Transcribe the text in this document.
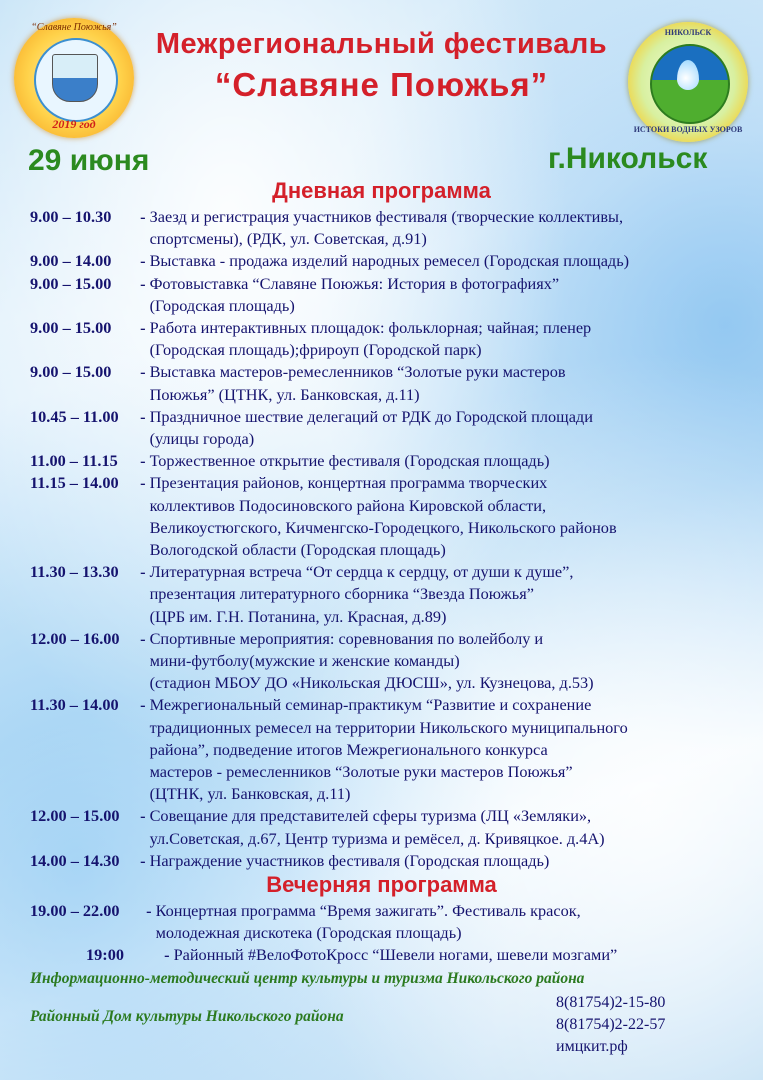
“Славяне Поюжья”
2019 год
НИКОЛЬСК
ИСТОКИ ВОДНЫХ УЗОРОВ
Межрегиональный фестиваль
“Славяне Поюжья”
29 июня	г.Никольск
Дневная программа
9.00 – 10.30	- Заезд и регистрация участников фестиваля (творческие коллективы,
спортсмены), (РДК, ул. Советская, д.91)
9.00 – 14.00	- Выставка - продажа изделий народных ремесел (Городская площадь)
9.00 – 15.00	- Фотовыставка “Славяне Поюжья: История в фотографиях”
(Городская площадь)
9.00 – 15.00	- Работа интерактивных площадок: фольклорная; чайная; пленер
(Городская площадь);фрироуп (Городской парк)
9.00 – 15.00	- Выставка мастеров-ремесленников “Золотые руки мастеров
Поюжья” (ЦТНК, ул. Банковская, д.11)
10.45 – 11.00	- Праздничное шествие делегаций от РДК до Городской площади
(улицы города)
11.00 – 11.15	- Торжественное открытие фестиваля (Городская площадь)
11.15 – 14.00	- Презентация районов, концертная программа творческих
коллективов Подосиновского района Кировской области,
Великоустюгского, Кичменгско-Городецкого, Никольского районов
Вологодской области (Городская площадь)
11.30 – 13.30	- Литературная встреча “От сердца к сердцу, от души к душе”,
презентация литературного сборника “Звезда Поюжья”
(ЦРБ им. Г.Н. Потанина, ул. Красная, д.89)
12.00 – 16.00	- Спортивные мероприятия: соревнования по волейболу и
мини-футболу(мужские и женские команды)
(стадион МБОУ ДО «Никольская ДЮСШ», ул. Кузнецова, д.53)
11.30 – 14.00	- Межрегиональный семинар-практикум “Развитие и сохранение
традиционных ремесел на территории Никольского муниципального
района”, подведение итогов Межрегионального конкурса
мастеров - ремесленников “Золотые руки мастеров Поюжья”
(ЦТНК, ул. Банковская, д.11)
12.00 – 15.00	- Совещание для представителей сферы туризма (ЛЦ «Земляки»,
ул.Советская, д.67, Центр туризма и ремёсел, д. Кривяцкое. д.4А)
14.00 – 14.30	- Награждение участников фестиваля (Городская площадь)
Вечерняя программа
19.00 – 22.00	- Концертная программа “Время зажигать”. Фестиваль красок,
молодежная дискотека (Городская площадь)
19:00	- Районный #ВелоФотоКросс “Шевели ногами, шевели мозгами”
Информационно-методический центр культуры и туризма Никольского района
Районный Дом культуры Никольского района
8(81754)2-15-80
8(81754)2-22-57
имцкит.рф
